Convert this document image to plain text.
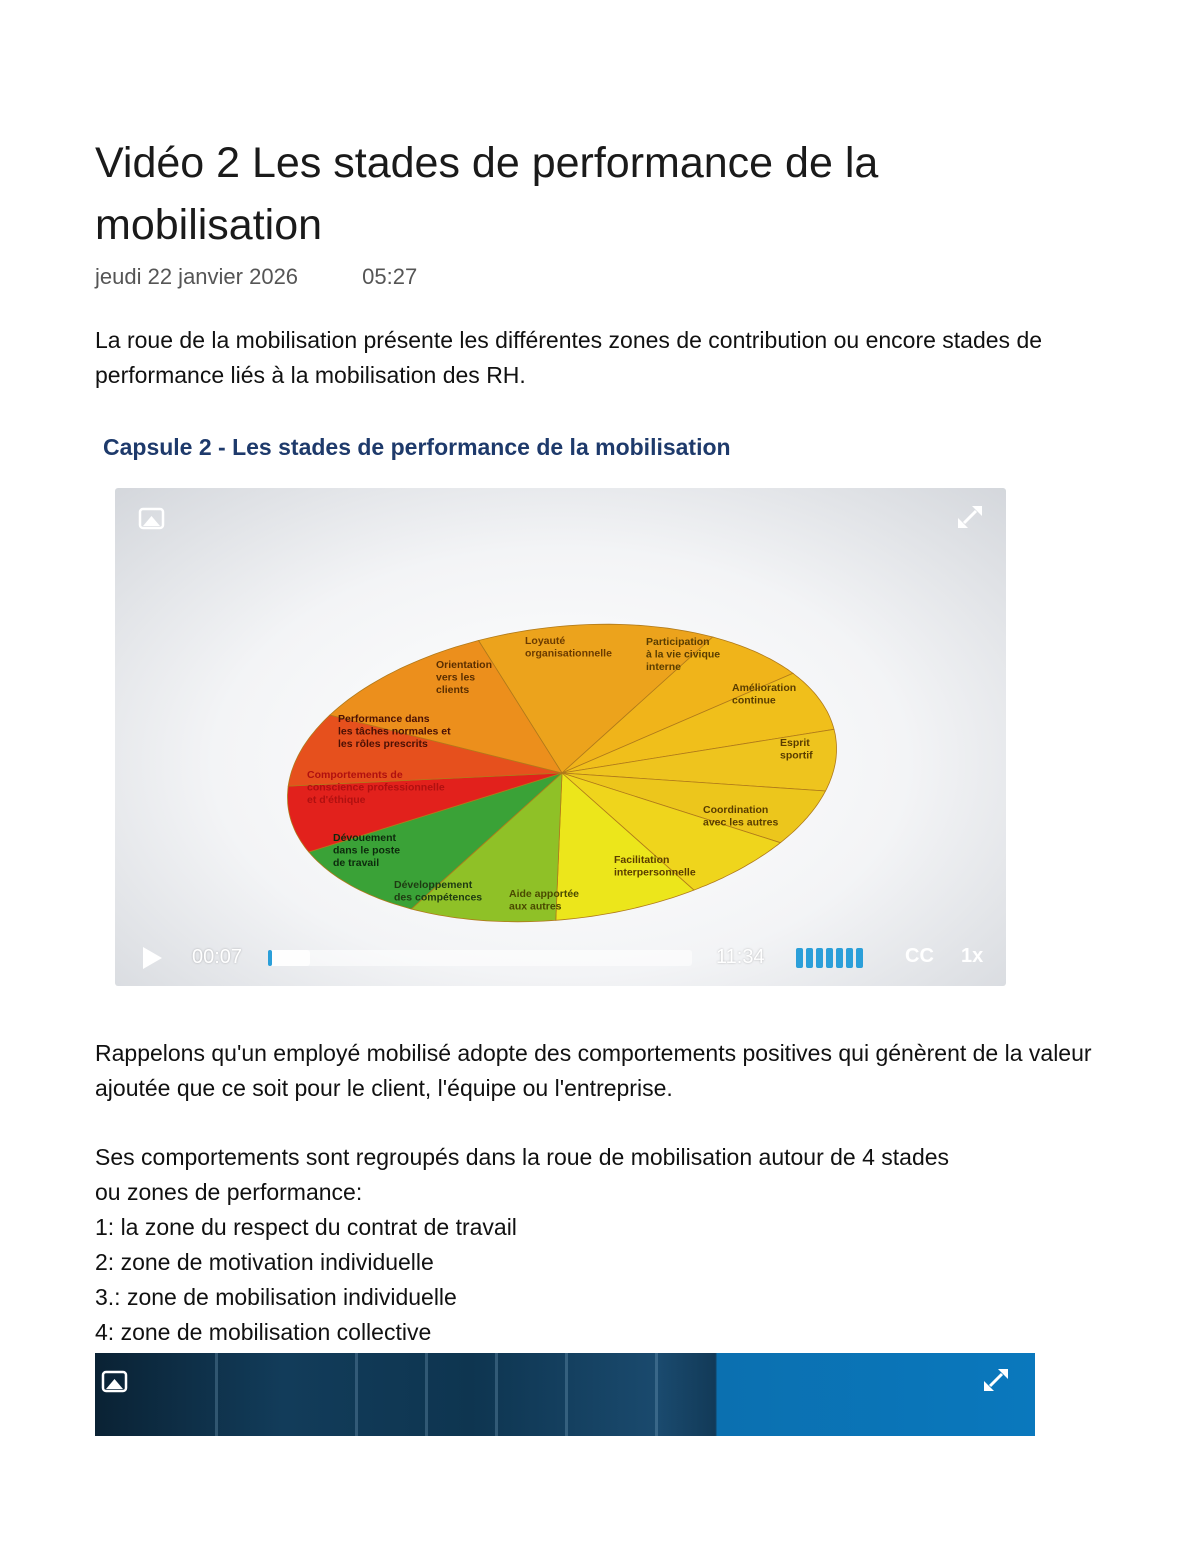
Vidéo 2 Les stades de performance de la mobilisation
jeudi 22 janvier 2026	05:27

La roue de la mobilisation présente les différentes zones de contribution ou encore stades de performance liés à la mobilisation des RH.

Capsule 2 - Les stades de performance de la mobilisation
Loyauté organisationnelle
Participation à la vie civique interne
Amélioration continue
Esprit sportif
Coordination avec les autres
Facilitation interpersonnelle
Aide apportée aux autres
Développement des compétences
Dévouement dans le poste de travail
Comportements de conscience professionnelle et d'éthique
Performance dans les tâches normales et les rôles prescrits
Orientation vers les clients
00:07	11:34	CC 1x

Rappelons qu'un employé mobilisé adopte des comportements positives qui génèrent de la valeur ajoutée que ce soit pour le client, l'équipe ou l'entreprise.

Ses comportements sont regroupés dans la roue de mobilisation autour de 4 stades
ou zones de performance:
1: la zone du respect du contrat de travail
2: zone de motivation individuelle
3.: zone de mobilisation individuelle
4: zone de mobilisation collective
